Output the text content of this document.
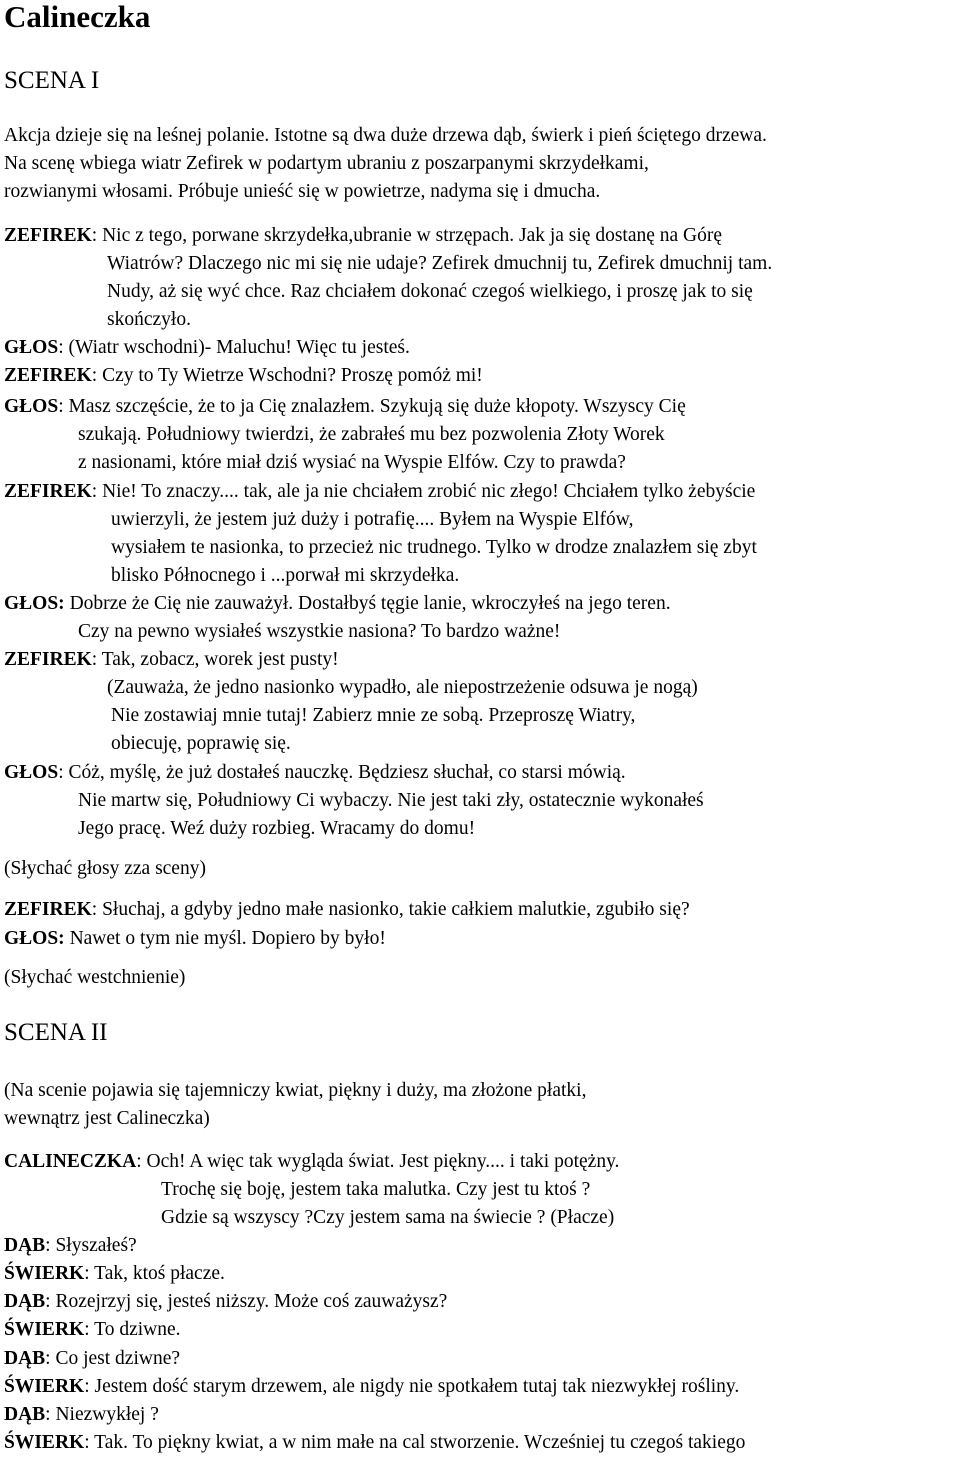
Calineczka
SCENA I
Akcja dzieje się na leśnej polanie. Istotne są dwa duże drzewa dąb, świerk i pień ściętego drzewa.
Na scenę wbiega wiatr Zefirek w podartym ubraniu z poszarpanymi skrzydełkami,
rozwianymi włosami. Próbuje unieść się w powietrze, nadyma się i dmucha.
ZEFIREK: Nic z tego, porwane skrzydełka,ubranie w strzępach. Jak ja się dostanę na Górę
Wiatrów? Dlaczego nic mi się nie udaje? Zefirek dmuchnij tu, Zefirek dmuchnij tam.
Nudy, aż się wyć chce. Raz chciałem dokonać czegoś wielkiego, i proszę jak to się
skończyło.
GŁOS: (Wiatr wschodni)- Maluchu! Więc tu jesteś.
ZEFIREK: Czy to Ty Wietrze Wschodni? Proszę pomóż mi!
GŁOS: Masz szczęście, że to ja Cię znalazłem. Szykują się duże kłopoty. Wszyscy Cię
szukają. Południowy twierdzi, że zabrałeś mu bez pozwolenia Złoty Worek
z nasionami, które miał dziś wysiać na Wyspie Elfów. Czy to prawda?
ZEFIREK: Nie! To znaczy.... tak, ale ja nie chciałem zrobić nic złego! Chciałem tylko żebyście
uwierzyli, że jestem już duży i potrafię.... Byłem na Wyspie Elfów,
wysiałem te nasionka, to przecież nic trudnego. Tylko w drodze znalazłem się zbyt
blisko Północnego i ...porwał mi skrzydełka.
GŁOS: Dobrze że Cię nie zauważył. Dostałbyś tęgie lanie, wkroczyłeś na jego teren.
Czy na pewno wysiałeś wszystkie nasiona? To bardzo ważne!
ZEFIREK: Tak, zobacz, worek jest pusty!
(Zauważa, że jedno nasionko wypadło, ale niepostrzeżenie odsuwa je nogą)
Nie zostawiaj mnie tutaj! Zabierz mnie ze sobą. Przeproszę Wiatry,
obiecuję, poprawię się.
GŁOS: Cóż, myślę, że już dostałeś nauczkę. Będziesz słuchał, co starsi mówią.
Nie martw się, Południowy Ci wybaczy. Nie jest taki zły, ostatecznie wykonałeś
Jego pracę. Weź duży rozbieg. Wracamy do domu!
(Słychać głosy zza sceny)
ZEFIREK: Słuchaj, a gdyby jedno małe nasionko, takie całkiem malutkie, zgubiło się?
GŁOS: Nawet o tym nie myśl. Dopiero by było!
(Słychać westchnienie)
SCENA II
(Na scenie pojawia się tajemniczy kwiat, piękny i duży, ma złożone płatki,
wewnątrz jest Calineczka)
CALINECZKA: Och! A więc tak wygląda świat. Jest piękny.... i taki potężny.
Trochę się boję, jestem taka malutka. Czy jest tu ktoś ?
Gdzie są wszyscy ?Czy jestem sama na świecie ? (Płacze)
DĄB: Słyszałeś?
ŚWIERK: Tak, ktoś płacze.
DĄB: Rozejrzyj się, jesteś niższy. Może coś zauważysz?
ŚWIERK: To dziwne.
DĄB: Co jest dziwne?
ŚWIERK: Jestem dość starym drzewem, ale nigdy nie spotkałem tutaj tak niezwykłej rośliny.
DĄB: Niezwykłej ?
ŚWIERK: Tak. To piękny kwiat, a w nim małe na cal stworzenie. Wcześniej tu czegoś takiego
